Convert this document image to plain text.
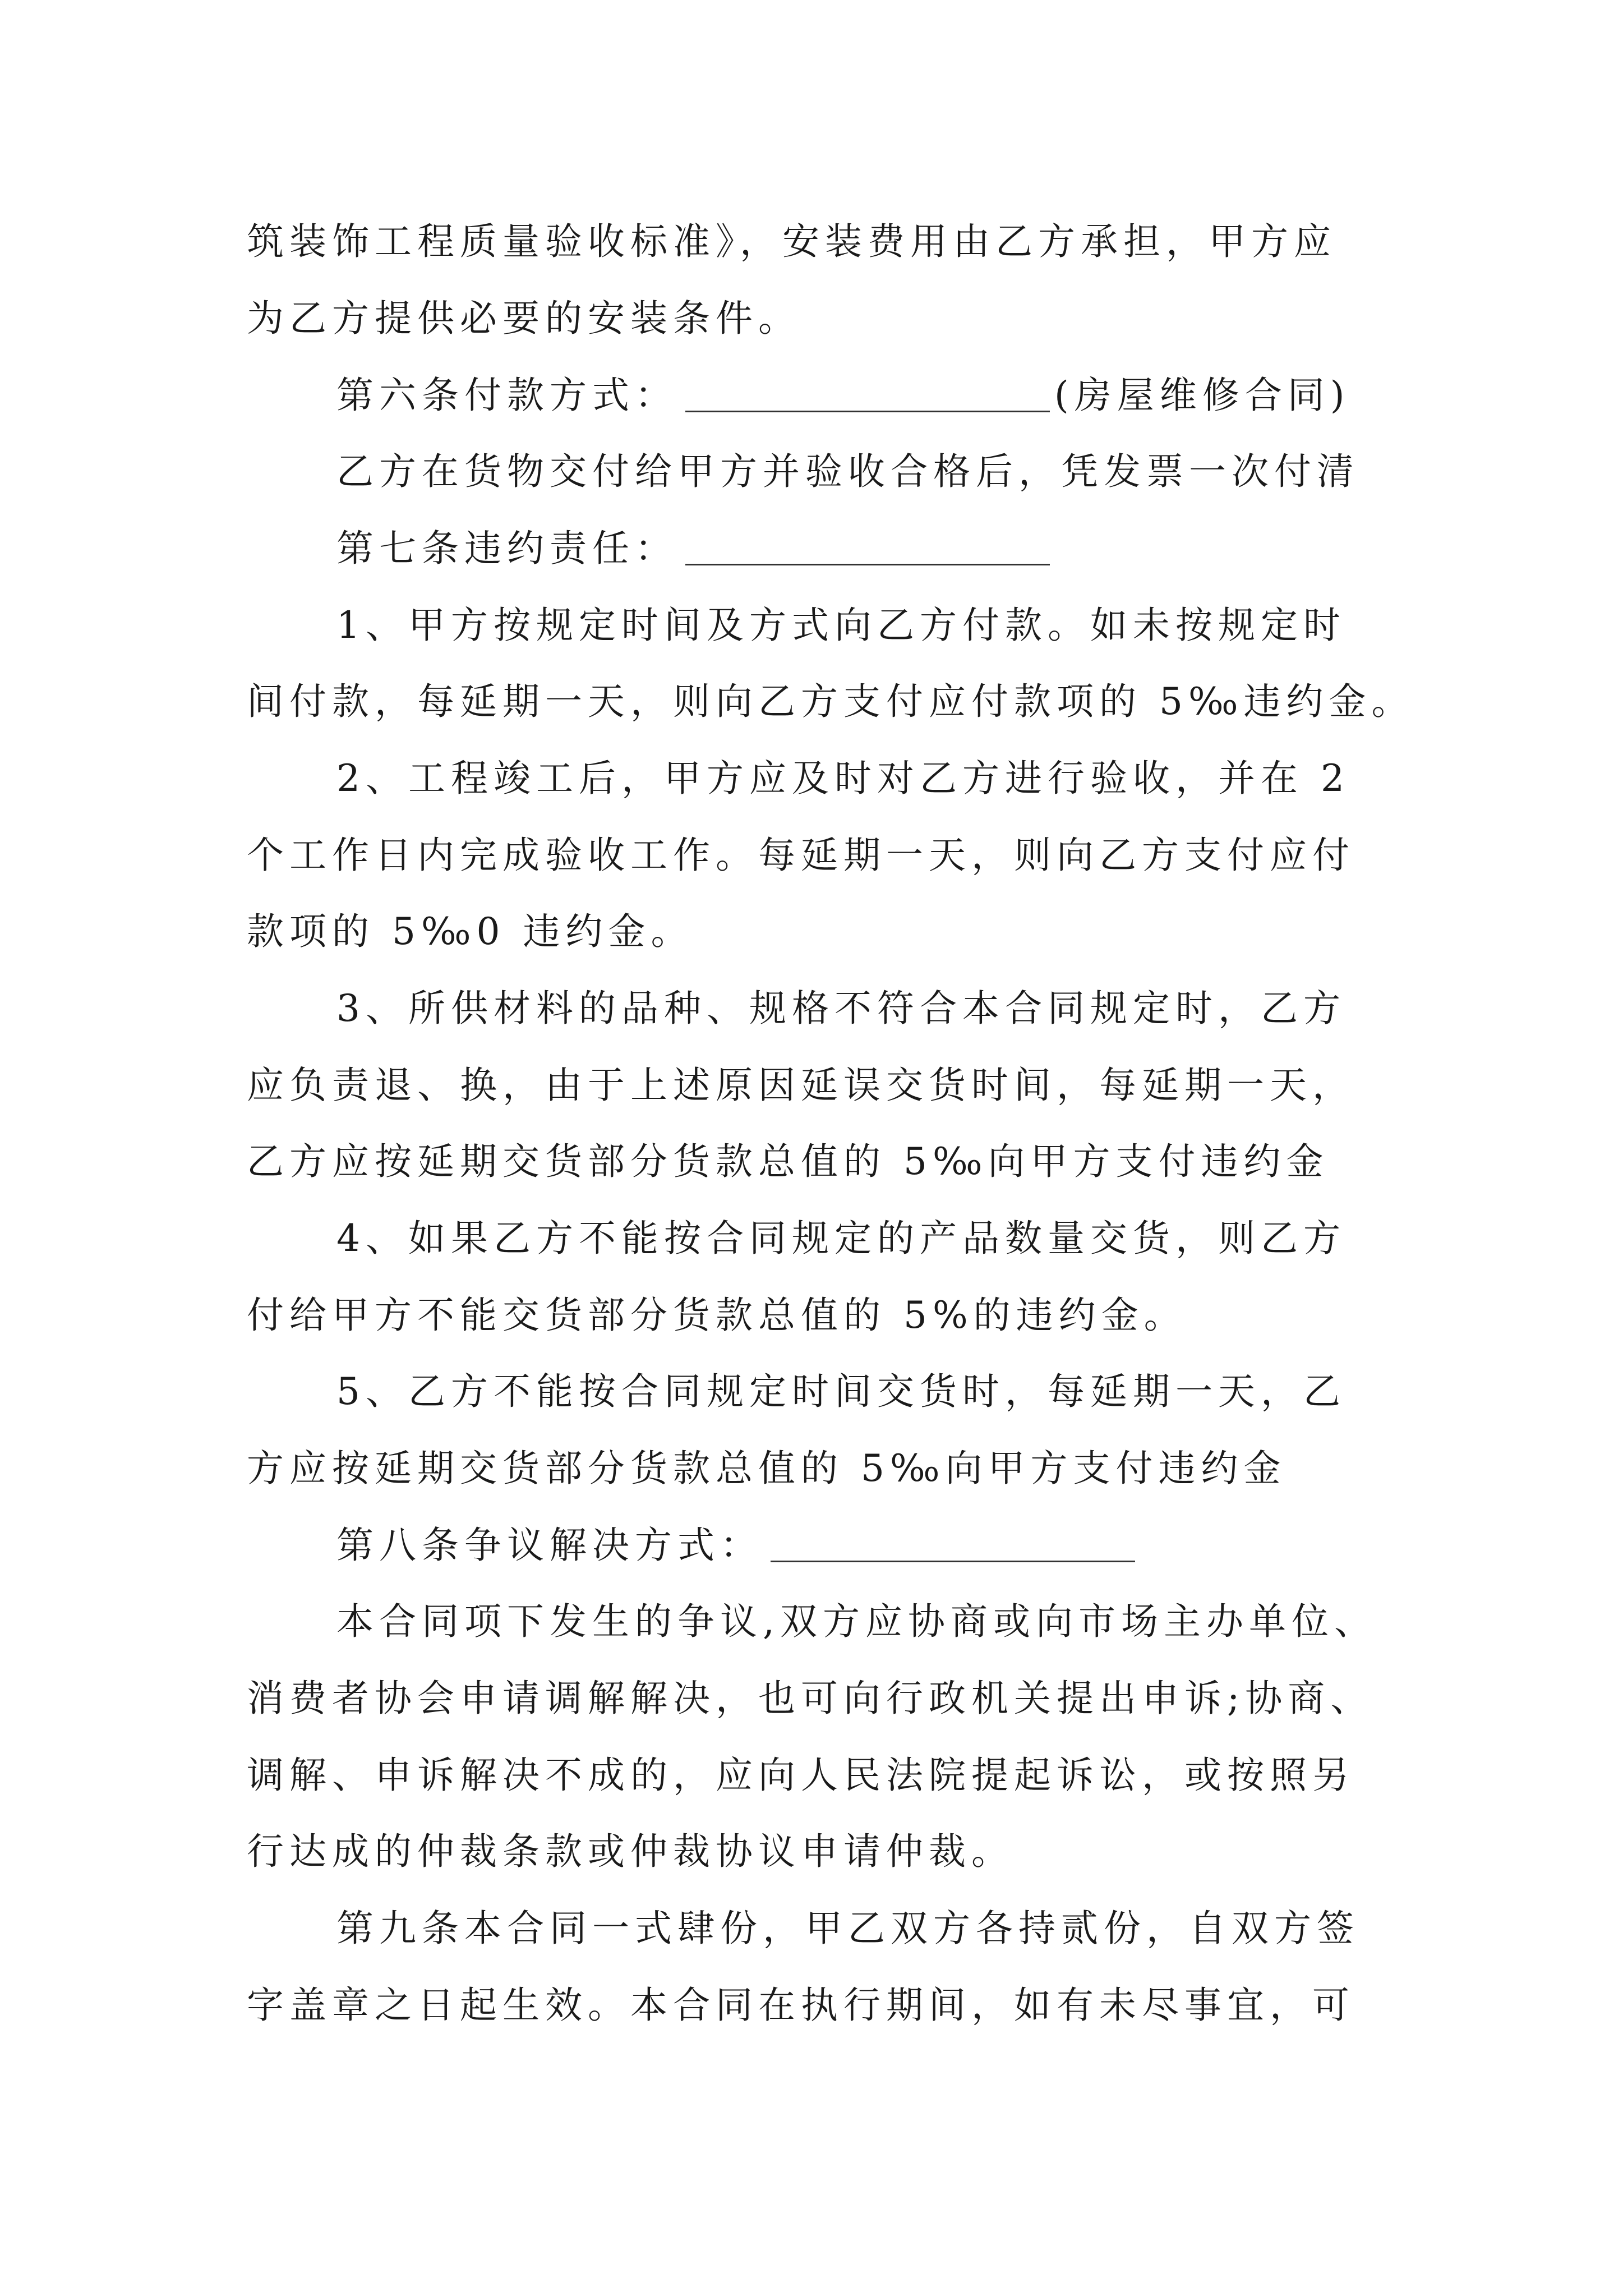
筑装饰工程质量验收标准》，安装费用由乙方承担，甲方应
为乙方提供必要的安装条件。
第六条付款方式：	(房屋维修合同)
乙方在货物交付给甲方并验收合格后，凭发票一次付清
第七条违约责任：
1、甲方按规定时间及方式向乙方付款。如未按规定时
间付款，每延期一天，则向乙方支付应付款项的 5‰违约金。
2、工程竣工后，甲方应及时对乙方进行验收，并在 2
个工作日内完成验收工作。每延期一天，则向乙方支付应付
款项的 5‰0 违约金。
3、所供材料的品种、规格不符合本合同规定时，乙方
应负责退、换，由于上述原因延误交货时间，每延期一天，
乙方应按延期交货部分货款总值的 5‰向甲方支付违约金
4、如果乙方不能按合同规定的产品数量交货，则乙方
付给甲方不能交货部分货款总值的 5%的违约金。
5、乙方不能按合同规定时间交货时，每延期一天，乙
方应按延期交货部分货款总值的 5‰向甲方支付违约金
第八条争议解决方式：
本合同项下发生的争议,双方应协商或向市场主办单位、
消费者协会申请调解解决，也可向行政机关提出申诉;协商、
调解、申诉解决不成的，应向人民法院提起诉讼，或按照另
行达成的仲裁条款或仲裁协议申请仲裁。
第九条本合同一式肆份，甲乙双方各持贰份，自双方签
字盖章之日起生效。本合同在执行期间，如有未尽事宜，可
